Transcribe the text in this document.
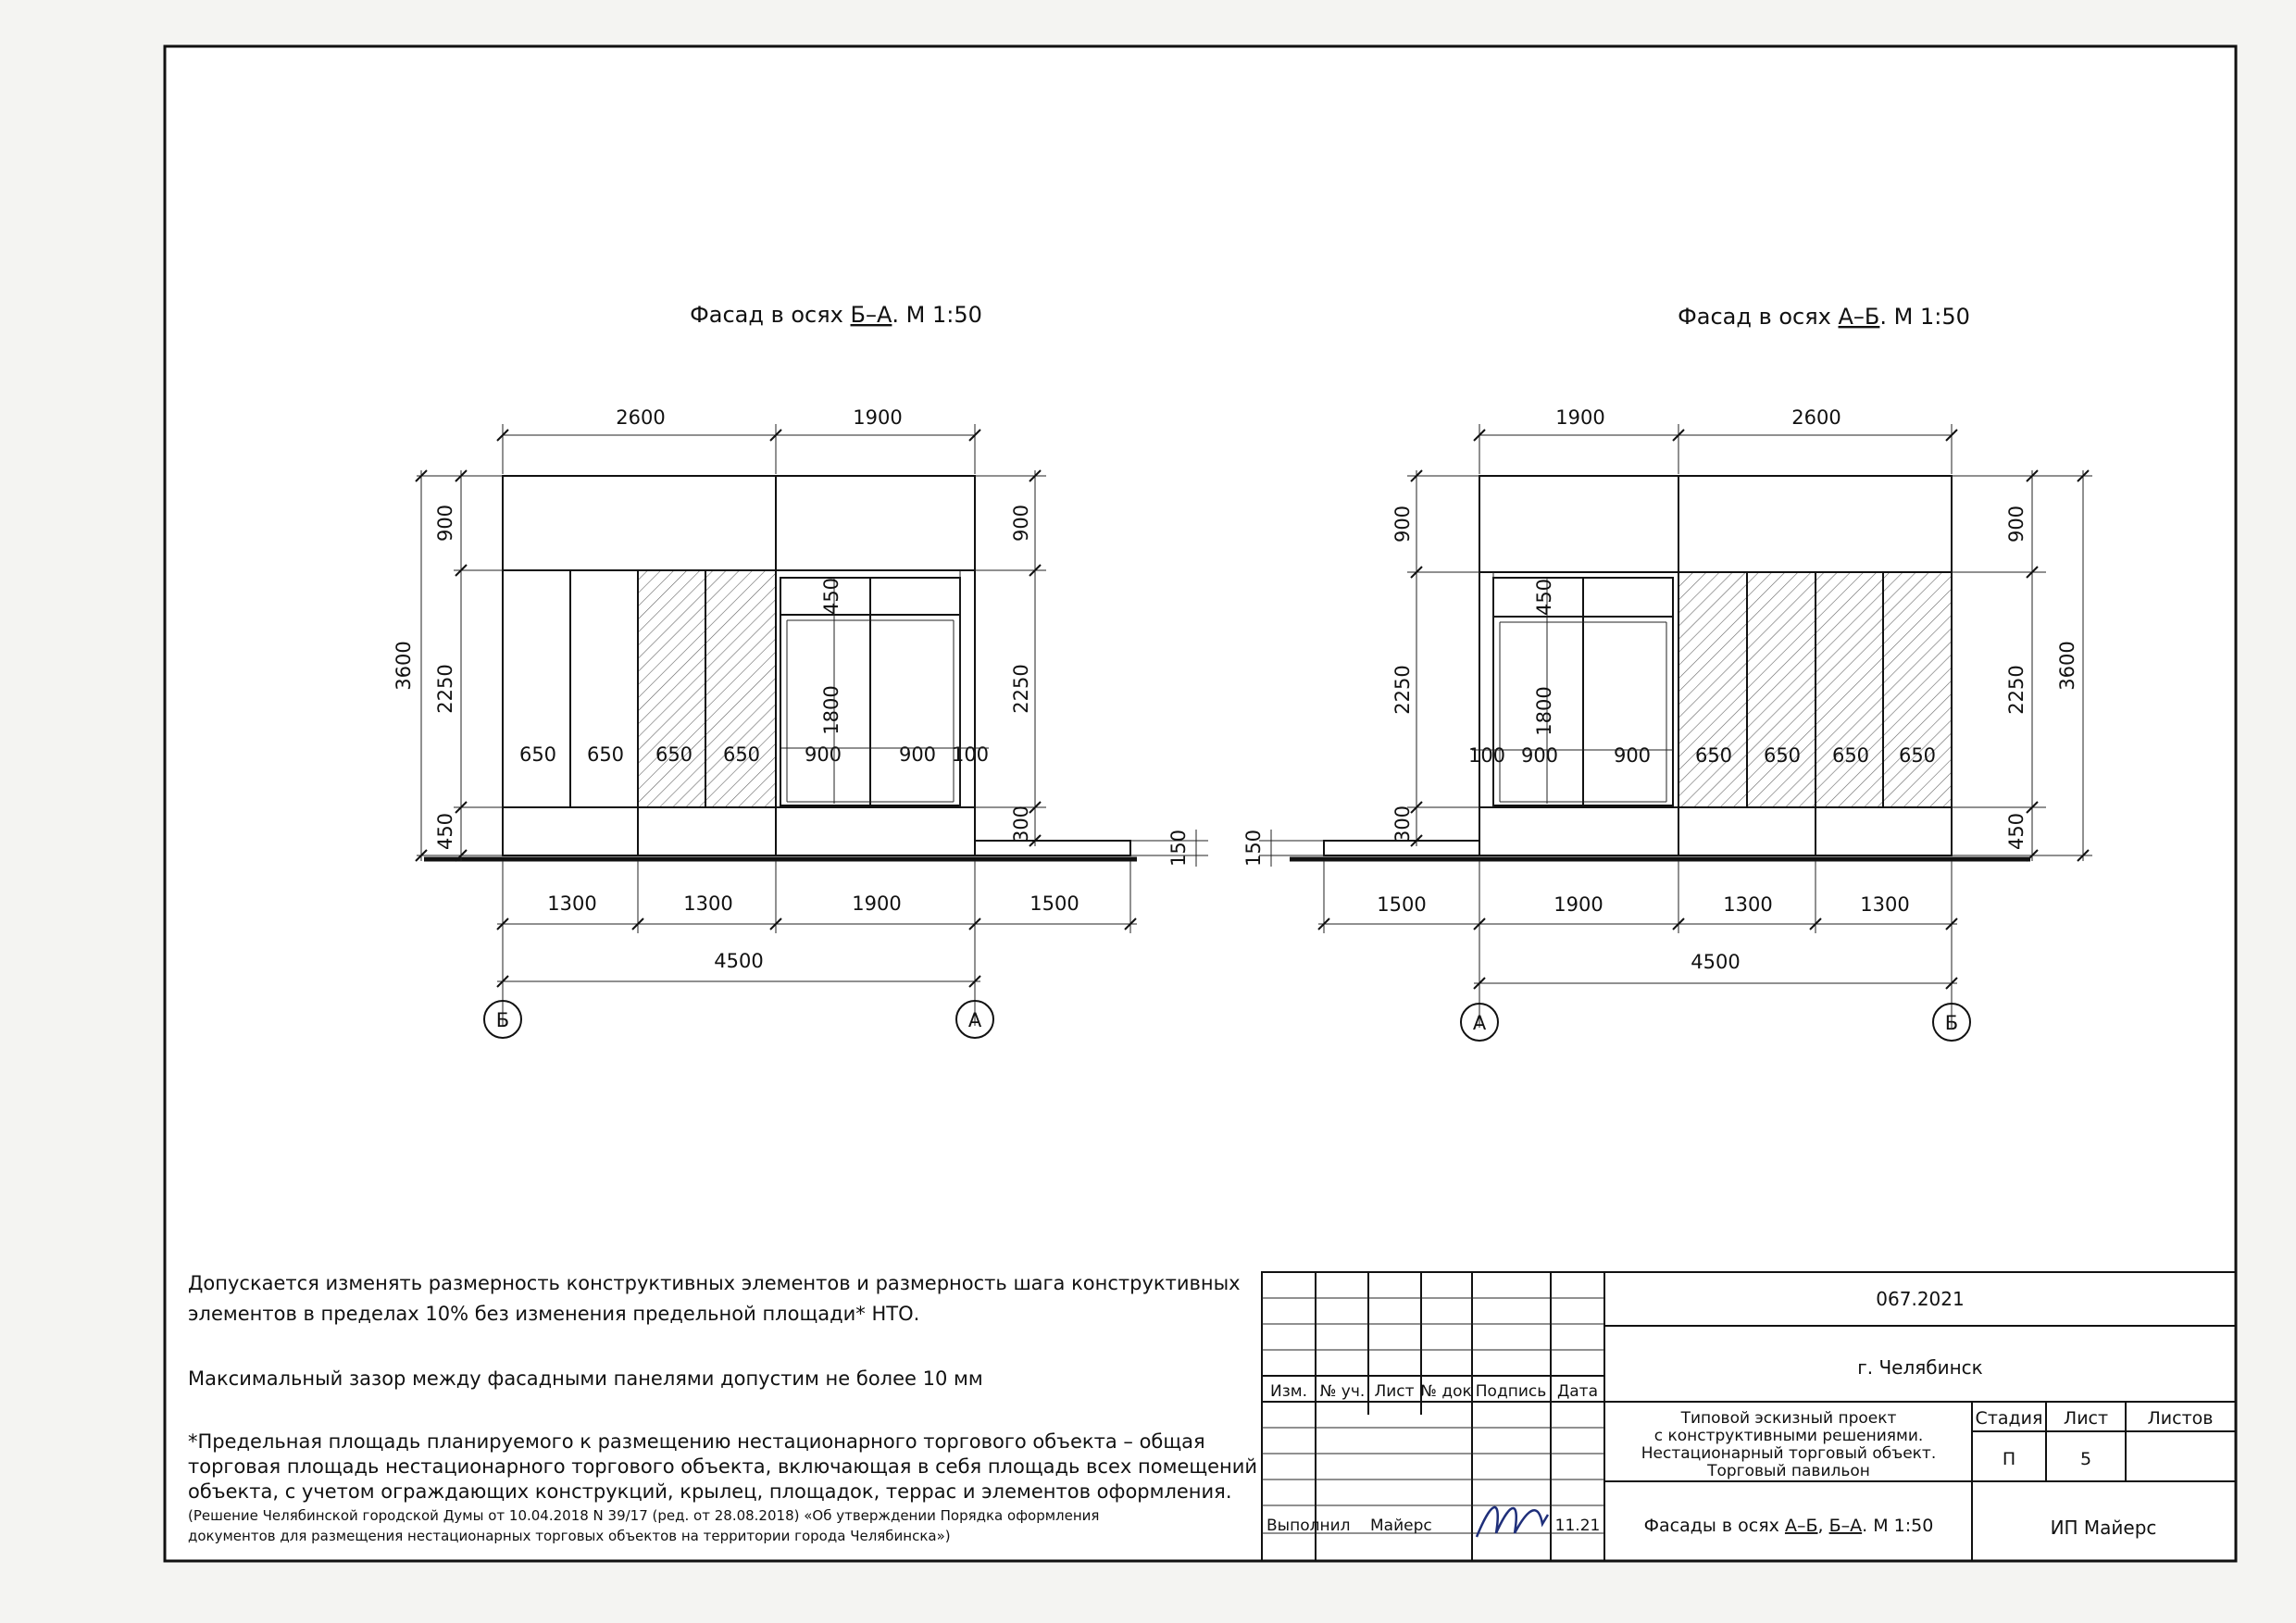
Фасад в осях Б–А. М 1:50
2600	1900
650 650 650 650 900	900 100
450
1800
900
2250
450
3600
900
2250
300
150
1300	1300	1900	1500
4500
Б	А
Фасад в осях А–Б. М 1:50
1900	2600
100 900	900 650 650 650 650
450
1800
900
2250
300
150
900
2250
450
3600
1500	1900	1300	1300
4500
А	Б
Допускается изменять размерность конструктивных элементов и размерность шага конструктивных
элементов в пределах 10% без изменения предельной площади* НТО.
Максимальный зазор между фасадными панелями допустим не более 10 мм
*Предельная площадь планируемого к размещению нестационарного торгового объекта – общая
торговая площадь нестационарного торгового объекта, включающая в себя площадь всех помещений
объекта, с учетом ограждающих конструкций, крылец, площадок, террас и элементов оформления.
(Решение Челябинской городской Думы от 10.04.2018 N 39/17 (ред. от 28.08.2018) «Об утверждении Порядка оформления
документов для размещения нестационарных торговых объектов на территории города Челябинска»)
Изм. № уч. Лист № док Подпись Дата
Выполнил Майерс	11.21
067.2021
г. Челябинск
Типовой эскизный проект
с конструктивными решениями.
Нестационарный торговый объект.
Торговый павильон
Стадия Лист Листов
П	5
Фасады в осях А–Б, Б–А. М 1:50	ИП Майерс
